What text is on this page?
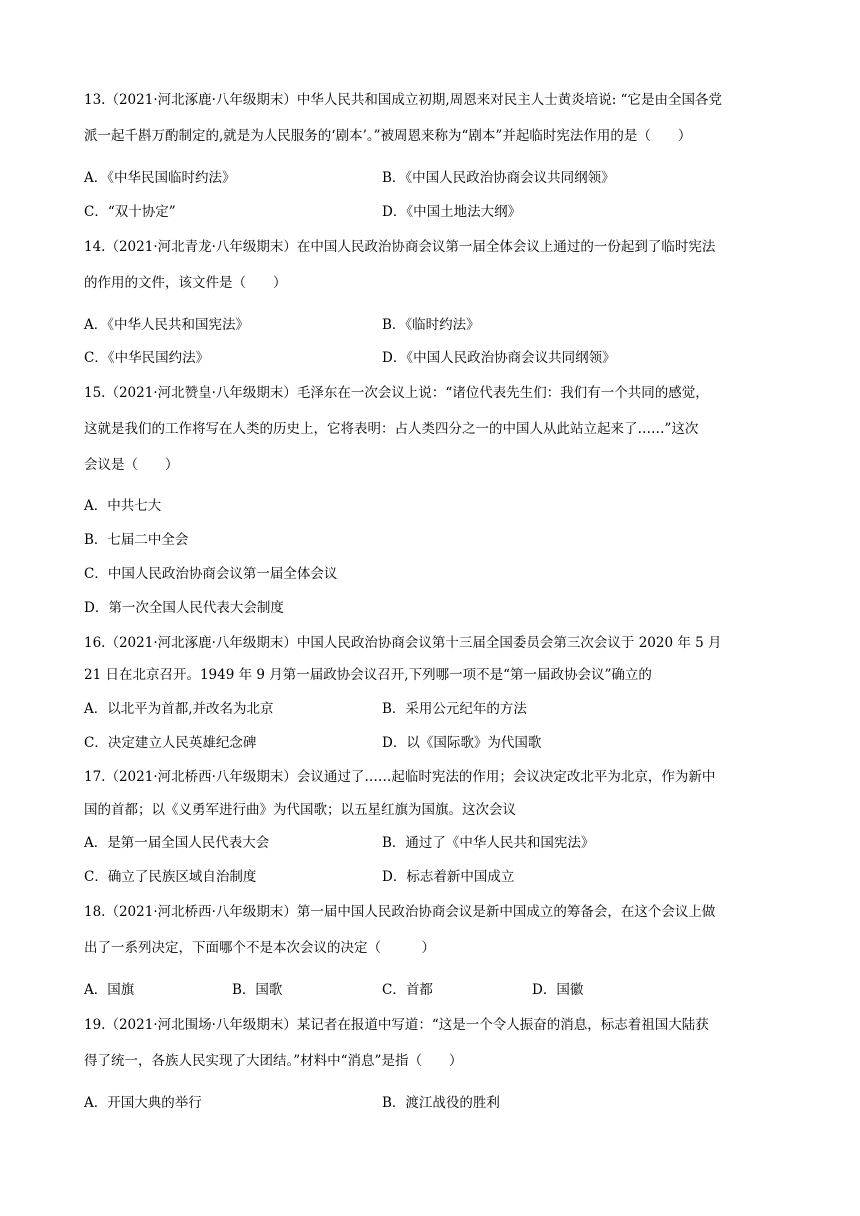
13.（2021·河北涿鹿·八年级期末）中华人民共和国成立初期,周恩来对民主人士黄炎培说: “它是由全国各党
派一起千斟万酌制定的,就是为人民服务的‘剧本’。”被周恩来称为“剧本”并起临时宪法作用的是（　　）
A．《中华民国临时约法》	B．《中国人民政治协商会议共同纲领》
C．“双十协定”	D．《中国土地法大纲》
14.（2021·河北青龙·八年级期末）在中国人民政治协商会议第一届全体会议上通过的一份起到了临时宪法
的作用的文件，该文件是（　　）
A．《中华人民共和国宪法》	B．《临时约法》
C．《中华民国约法》	D．《中国人民政治协商会议共同纲领》
15.（2021·河北赞皇·八年级期末）毛泽东在一次会议上说：“诸位代表先生们：我们有一个共同的感觉，
这就是我们的工作将写在人类的历史上，它将表明：占人类四分之一的中国人从此站立起来了……”这次
会议是（　　）
A．中共七大
B．七届二中全会
C．中国人民政治协商会议第一届全体会议
D．第一次全国人民代表大会制度
16.（2021·河北涿鹿·八年级期末）中国人民政治协商会议第十三届全国委员会第三次会议于 2020 年 5 月
21 日在北京召开。1949 年 9 月第一届政协会议召开,下列哪一项不是“第一届政协会议”确立的
A．以北平为首都,并改名为北京	B．采用公元纪年的方法
C．决定建立人民英雄纪念碑	D．以《国际歌》为代国歌
17.（2021·河北桥西·八年级期末）会议通过了……起临时宪法的作用；会议决定改北平为北京，作为新中
国的首都；以《义勇军进行曲》为代国歌；以五星红旗为国旗。这次会议
A．是第一届全国人民代表大会	B．通过了《中华人民共和国宪法》
C．确立了民族区域自治制度	D．标志着新中国成立
18.（2021·河北桥西·八年级期末）第一届中国人民政治协商会议是新中国成立的筹备会，在这个会议上做
出了一系列决定，下面哪个不是本次会议的决定（　　　）
A．国旗	B．国歌	C．首都	D．国徽
19.（2021·河北围场·八年级期末）某记者在报道中写道：“这是一个令人振奋的消息，标志着祖国大陆获
得了统一，各族人民实现了大团结。”材料中“消息”是指（　　）
A．开国大典的举行	B．渡江战役的胜利
